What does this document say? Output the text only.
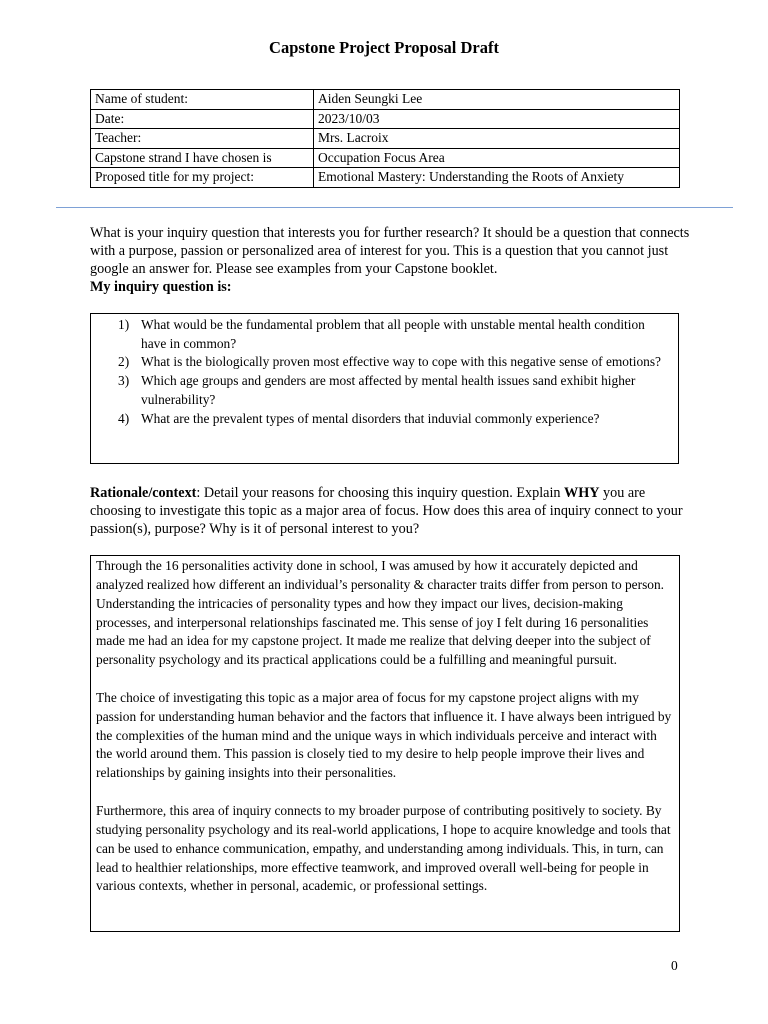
Capstone Project Proposal Draft
Name of student:	Aiden Seungki Lee
Date:	2023/10/03
Teacher:	Mrs. Lacroix
Capstone strand I have chosen is	Occupation Focus Area
Proposed title for my project:	Emotional Mastery: Understanding the Roots of Anxiety
What is your inquiry question that interests you for further research? It should be a question that connects with a purpose, passion or personalized area of interest for you. This is a question that you cannot just google an answer for. Please see examples from your Capstone booklet.
My inquiry question is:
1) What would be the fundamental problem that all people with unstable mental health condition have in common?
2) What is the biologically proven most effective way to cope with this negative sense of emotions?
3) Which age groups and genders are most affected by mental health issues sand exhibit higher vulnerability?
4) What are the prevalent types of mental disorders that induvial commonly experience?
Rationale/context: Detail your reasons for choosing this inquiry question. Explain WHY you are choosing to investigate this topic as a major area of focus. How does this area of inquiry connect to your passion(s), purpose? Why is it of personal interest to you?

Through the 16 personalities activity done in school, I was amused by how it accurately depicted and analyzed realized how different an individual’s personality & character traits differ from person to person. Understanding the intricacies of personality types and how they impact our lives, decision-making processes, and interpersonal relationships fascinated me. This sense of joy I felt during 16 personalities made me had an idea for my capstone project. It made me realize that delving deeper into the subject of personality psychology and its practical applications could be a fulfilling and meaningful pursuit.

The choice of investigating this topic as a major area of focus for my capstone project aligns with my passion for understanding human behavior and the factors that influence it. I have always been intrigued by the complexities of the human mind and the unique ways in which individuals perceive and interact with the world around them. This passion is closely tied to my desire to help people improve their lives and relationships by gaining insights into their personalities.

Furthermore, this area of inquiry connects to my broader purpose of contributing positively to society. By studying personality psychology and its real-world applications, I hope to acquire knowledge and tools that can be used to enhance communication, empathy, and understanding among individuals. This, in turn, can lead to healthier relationships, more effective teamwork, and improved overall well-being for people in various contexts, whether in personal, academic, or professional settings.

0
